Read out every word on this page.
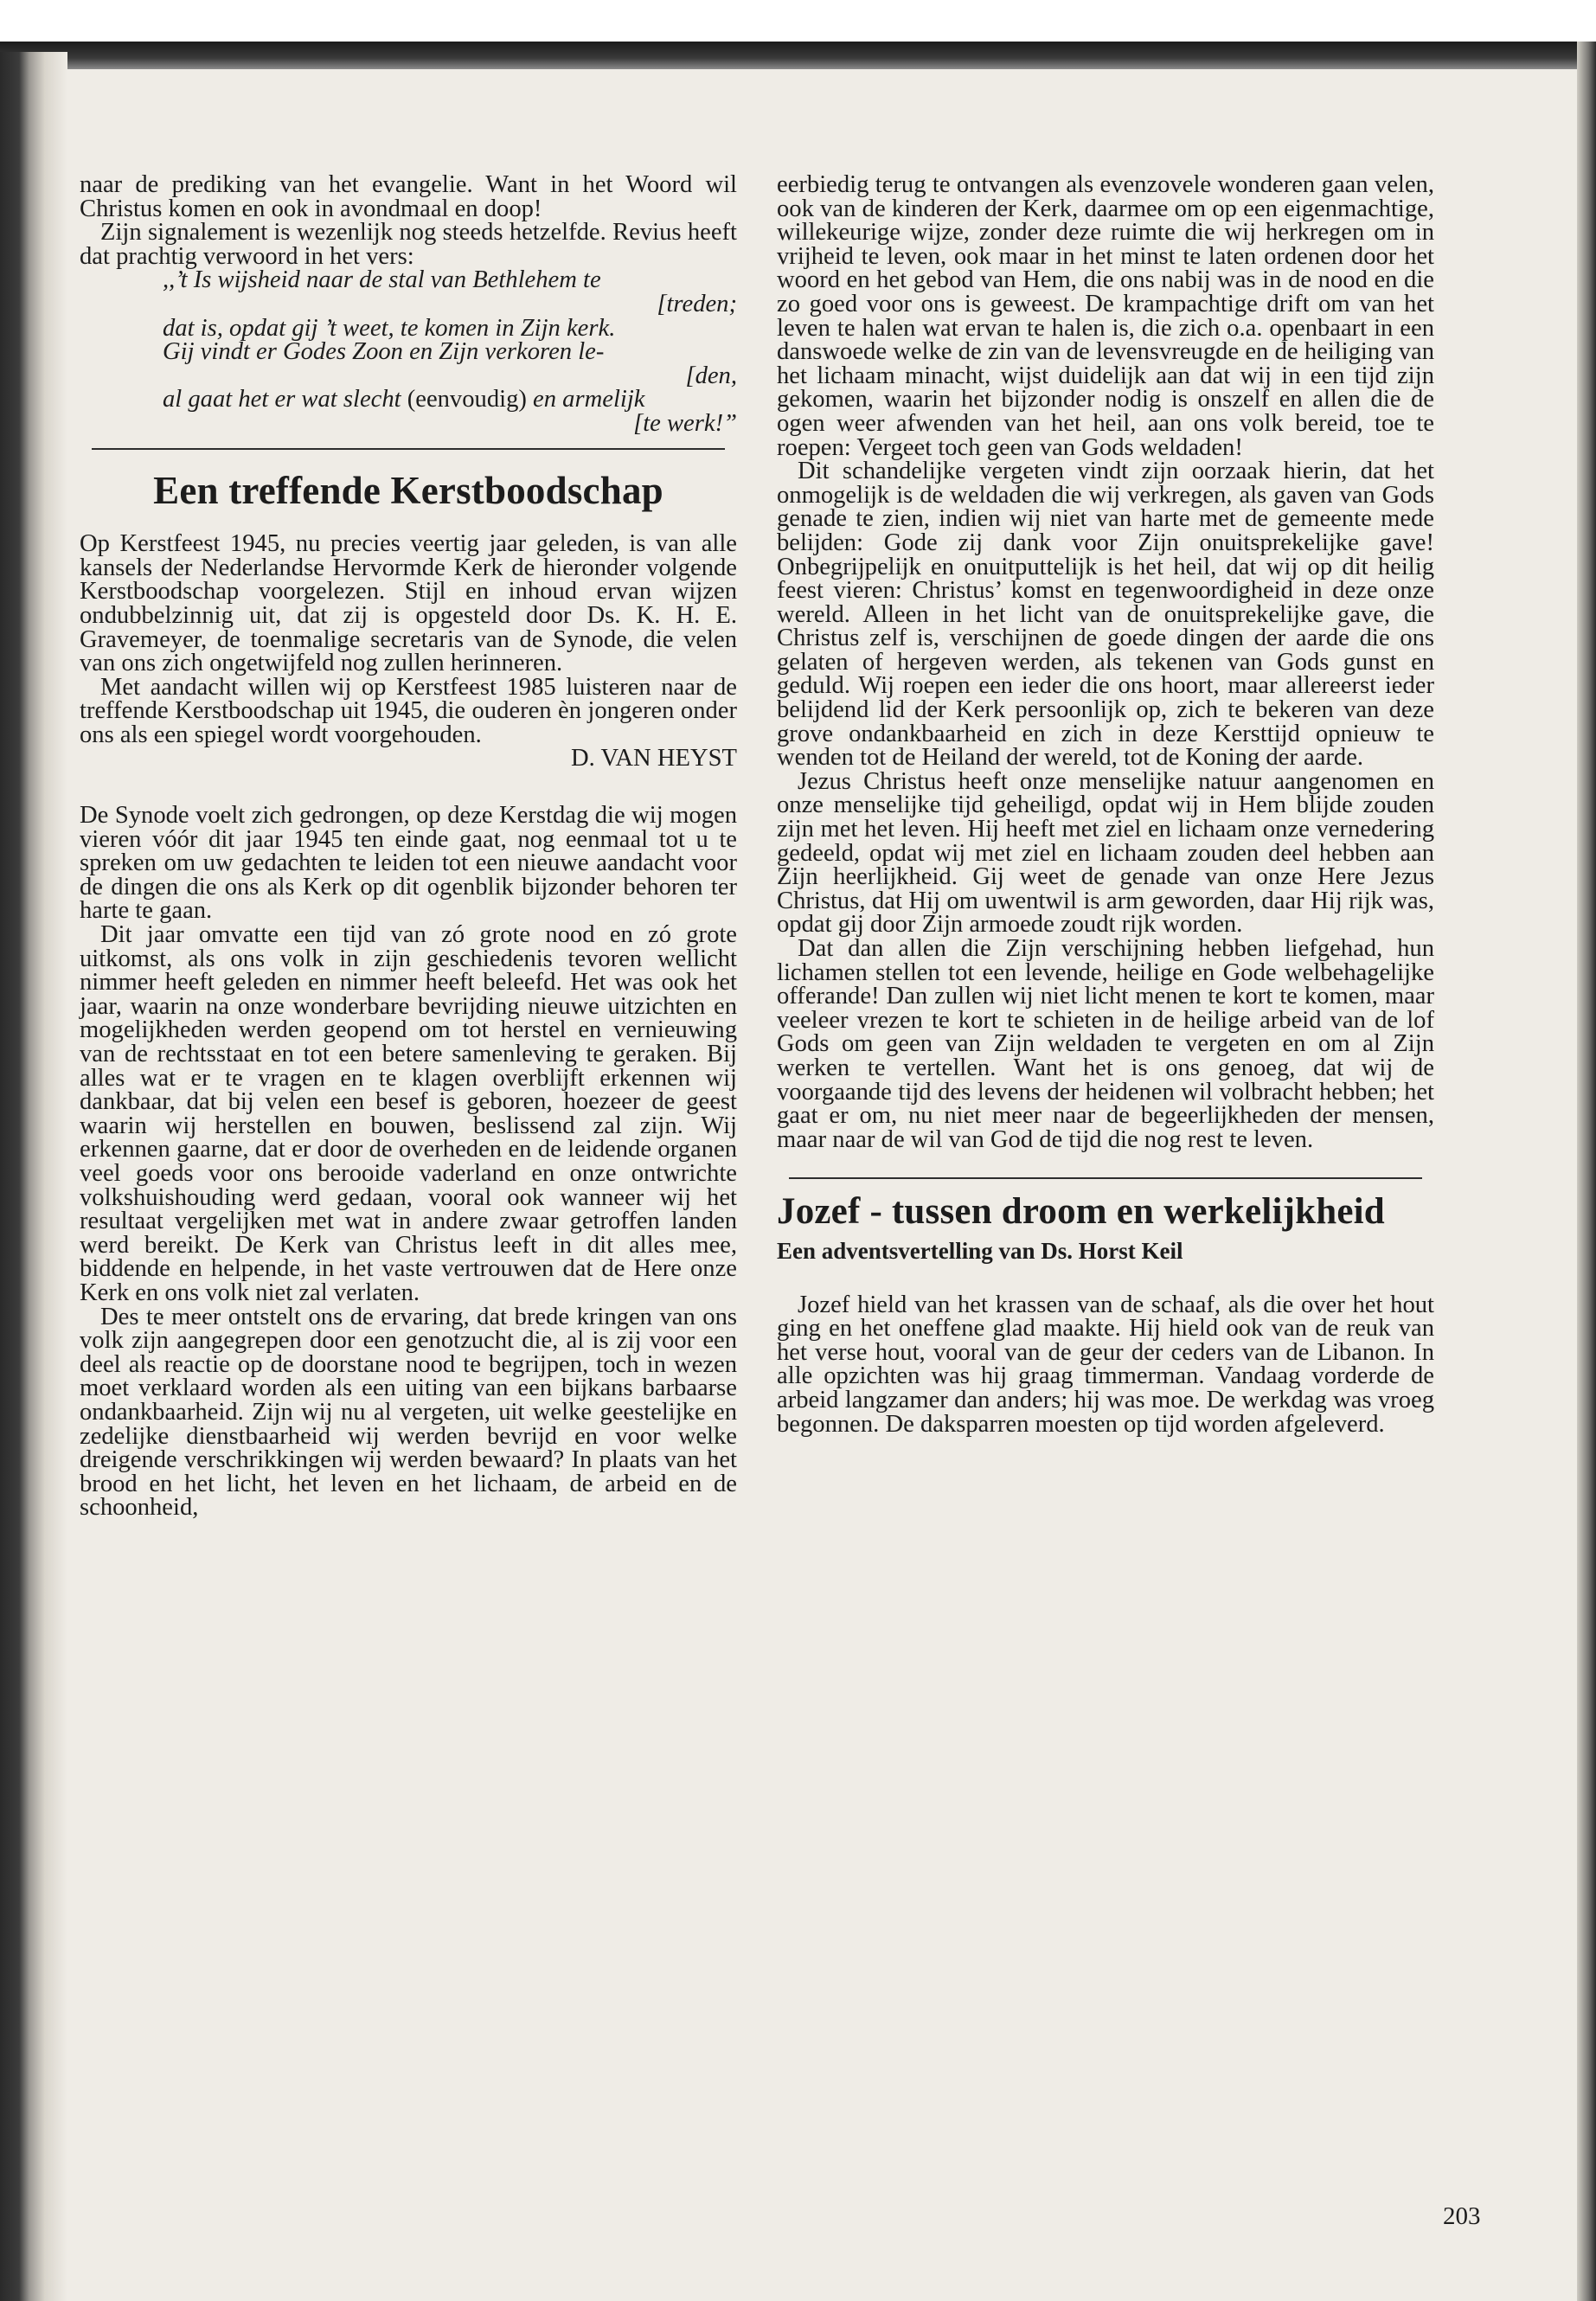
naar de prediking van het evangelie. Want in het Woord wil Christus komen en ook in avondmaal en doop!

Zijn signalement is wezenlijk nog steeds hetzelfde. Revius heeft dat prachtig verwoord in het vers:

,,’t Is wijsheid naar de stal van Bethlehem te
[treden;
dat is, opdat gij ’t weet, te komen in Zijn kerk.
Gij vindt er Godes Zoon en Zijn verkoren le-
[den,
al gaat het er wat slecht (eenvoudig) en armelijk
[te werk!”
Een treffende Kerstboodschap

Op Kerstfeest 1945, nu precies veertig jaar geleden, is van alle kansels der Nederlandse Hervormde Kerk de hieronder volgende Kerstboodschap voorgelezen. Stijl en inhoud ervan wijzen ondubbelzinnig uit, dat zij is opgesteld door Ds. K. H. E. Gravemeyer, de toenmalige secretaris van de Synode, die velen van ons zich ongetwijfeld nog zullen herinneren.

Met aandacht willen wij op Kerstfeest 1985 luisteren naar de treffende Kerstboodschap uit 1945, die ouderen èn jongeren onder ons als een spiegel wordt voorgehouden.

D. VAN HEYST

De Synode voelt zich gedrongen, op deze Kerstdag die wij mogen vieren vóór dit jaar 1945 ten einde gaat, nog eenmaal tot u te spreken om uw gedachten te leiden tot een nieuwe aandacht voor de dingen die ons als Kerk op dit ogenblik bijzonder behoren ter harte te gaan.

Dit jaar omvatte een tijd van zó grote nood en zó grote uitkomst, als ons volk in zijn geschiedenis tevoren wellicht nimmer heeft geleden en nimmer heeft beleefd. Het was ook het jaar, waarin na onze wonderbare bevrijding nieuwe uitzichten en mogelijkheden werden geopend om tot herstel en vernieuwing van de rechtsstaat en tot een betere samenleving te geraken. Bij alles wat er te vragen en te klagen overblijft erkennen wij dankbaar, dat bij velen een besef is geboren, hoezeer de geest waarin wij herstellen en bouwen, beslissend zal zijn. Wij erkennen gaarne, dat er door de overheden en de leidende organen veel goeds voor ons berooide vaderland en onze ontwrichte volkshuishouding werd gedaan, vooral ook wanneer wij het resultaat vergelijken met wat in andere zwaar getroffen landen werd bereikt. De Kerk van Christus leeft in dit alles mee, biddende en helpende, in het vaste vertrouwen dat de Here onze Kerk en ons volk niet zal verlaten.

Des te meer ontstelt ons de ervaring, dat brede kringen van ons volk zijn aangegrepen door een genotzucht die, al is zij voor een deel als reactie op de doorstane nood te begrijpen, toch in wezen moet verklaard worden als een uiting van een bijkans barbaarse ondankbaarheid. Zijn wij nu al vergeten, uit welke geestelijke en zedelijke dienstbaarheid wij werden bevrijd en voor welke dreigende verschrikkingen wij werden bewaard? In plaats van het brood en het licht, het leven en het lichaam, de arbeid en de schoonheid,

eerbiedig terug te ontvangen als evenzovele wonderen gaan velen, ook van de kinderen der Kerk, daarmee om op een eigenmachtige, willekeurige wijze, zonder deze ruimte die wij herkregen om in vrijheid te leven, ook maar in het minst te laten ordenen door het woord en het gebod van Hem, die ons nabij was in de nood en die zo goed voor ons is geweest. De krampachtige drift om van het leven te halen wat ervan te halen is, die zich o.a. openbaart in een danswoede welke de zin van de levensvreugde en de heiliging van het lichaam minacht, wijst duidelijk aan dat wij in een tijd zijn gekomen, waarin het bijzonder nodig is onszelf en allen die de ogen weer afwenden van het heil, aan ons volk bereid, toe te roepen: Vergeet toch geen van Gods weldaden!

Dit schandelijke vergeten vindt zijn oorzaak hierin, dat het onmogelijk is de weldaden die wij verkregen, als gaven van Gods genade te zien, indien wij niet van harte met de gemeente mede belijden: Gode zij dank voor Zijn onuitsprekelijke gave! Onbegrijpelijk en onuitputtelijk is het heil, dat wij op dit heilig feest vieren: Christus’ komst en tegenwoordigheid in deze onze wereld. Alleen in het licht van de onuitsprekelijke gave, die Christus zelf is, verschijnen de goede dingen der aarde die ons gelaten of hergeven werden, als tekenen van Gods gunst en geduld. Wij roepen een ieder die ons hoort, maar allereerst ieder belijdend lid der Kerk persoonlijk op, zich te bekeren van deze grove ondankbaarheid en zich in deze Kersttijd opnieuw te wenden tot de Heiland der wereld, tot de Koning der aarde.

Jezus Christus heeft onze menselijke natuur aangenomen en onze menselijke tijd geheiligd, opdat wij in Hem blijde zouden zijn met het leven. Hij heeft met ziel en lichaam onze vernedering gedeeld, opdat wij met ziel en lichaam zouden deel hebben aan Zijn heerlijkheid. Gij weet de genade van onze Here Jezus Christus, dat Hij om uwentwil is arm geworden, daar Hij rijk was, opdat gij door Zijn armoede zoudt rijk worden.

Dat dan allen die Zijn verschijning hebben liefgehad, hun lichamen stellen tot een levende, heilige en Gode welbehagelijke offerande! Dan zullen wij niet licht menen te kort te komen, maar veeleer vrezen te kort te schieten in de heilige arbeid van de lof Gods om geen van Zijn weldaden te vergeten en om al Zijn werken te vertellen. Want het is ons genoeg, dat wij de voorgaande tijd des levens der heidenen wil volbracht hebben; het gaat er om, nu niet meer naar de begeerlijkheden der mensen, maar naar de wil van God de tijd die nog rest te leven.

Jozef - tussen droom en werkelijkheid

Een adventsvertelling van Ds. Horst Keil

Jozef hield van het krassen van de schaaf, als die over het hout ging en het oneffene glad maakte. Hij hield ook van de reuk van het verse hout, vooral van de geur der ceders van de Libanon. In alle opzichten was hij graag timmerman. Vandaag vorderde de arbeid langzamer dan anders; hij was moe. De werkdag was vroeg begonnen. De daksparren moesten op tijd worden afgeleverd.

203
